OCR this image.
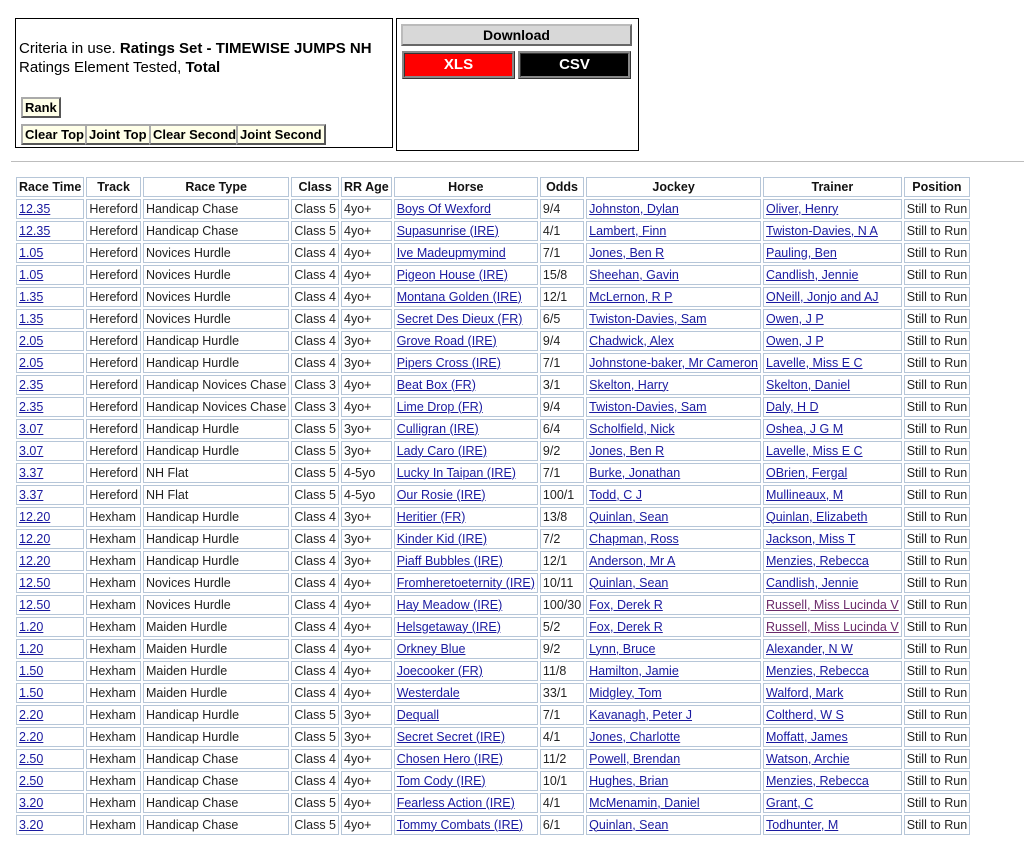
Criteria in use. Ratings Set - TIMEWISE JUMPS NH
Ratings Element Tested, Total
Rank
Clear Top Joint Top Clear Second Joint Second
Download
XLS	CSV
Race Time	Track	Race Type	Class	RR Age	Horse	Odds	Jockey	Trainer	Position
12.35	Hereford	Handicap Chase	Class 5	4yo+	Boys Of Wexford	9/4	Johnston, Dylan	Oliver, Henry	Still to Run
12.35	Hereford	Handicap Chase	Class 5	4yo+	Supasunrise (IRE)	4/1	Lambert, Finn	Twiston-Davies, N A	Still to Run
1.05	Hereford	Novices Hurdle	Class 4	4yo+	Ive Madeupmymind	7/1	Jones, Ben R	Pauling, Ben	Still to Run
1.05	Hereford	Novices Hurdle	Class 4	4yo+	Pigeon House (IRE)	15/8	Sheehan, Gavin	Candlish, Jennie	Still to Run
1.35	Hereford	Novices Hurdle	Class 4	4yo+	Montana Golden (IRE)	12/1	McLernon, R P	ONeill, Jonjo and AJ	Still to Run
1.35	Hereford	Novices Hurdle	Class 4	4yo+	Secret Des Dieux (FR)	6/5	Twiston-Davies, Sam	Owen, J P	Still to Run
2.05	Hereford	Handicap Hurdle	Class 4	3yo+	Grove Road (IRE)	9/4	Chadwick, Alex	Owen, J P	Still to Run
2.05	Hereford	Handicap Hurdle	Class 4	3yo+	Pipers Cross (IRE)	7/1	Johnstone-baker, Mr Cameron	Lavelle, Miss E C	Still to Run
2.35	Hereford	Handicap Novices Chase	Class 3	4yo+	Beat Box (FR)	3/1	Skelton, Harry	Skelton, Daniel	Still to Run
2.35	Hereford	Handicap Novices Chase	Class 3	4yo+	Lime Drop (FR)	9/4	Twiston-Davies, Sam	Daly, H D	Still to Run
3.07	Hereford	Handicap Hurdle	Class 5	3yo+	Culligran (IRE)	6/4	Scholfield, Nick	Oshea, J G M	Still to Run
3.07	Hereford	Handicap Hurdle	Class 5	3yo+	Lady Caro (IRE)	9/2	Jones, Ben R	Lavelle, Miss E C	Still to Run
3.37	Hereford	NH Flat	Class 5	4-5yo	Lucky In Taipan (IRE)	7/1	Burke, Jonathan	OBrien, Fergal	Still to Run
3.37	Hereford	NH Flat	Class 5	4-5yo	Our Rosie (IRE)	100/1	Todd, C J	Mullineaux, M	Still to Run
12.20	Hexham	Handicap Hurdle	Class 4	3yo+	Heritier (FR)	13/8	Quinlan, Sean	Quinlan, Elizabeth	Still to Run
12.20	Hexham	Handicap Hurdle	Class 4	3yo+	Kinder Kid (IRE)	7/2	Chapman, Ross	Jackson, Miss T	Still to Run
12.20	Hexham	Handicap Hurdle	Class 4	3yo+	Piaff Bubbles (IRE)	12/1	Anderson, Mr A	Menzies, Rebecca	Still to Run
12.50	Hexham	Novices Hurdle	Class 4	4yo+	Fromheretoeternity (IRE)	10/11	Quinlan, Sean	Candlish, Jennie	Still to Run
12.50	Hexham	Novices Hurdle	Class 4	4yo+	Hay Meadow (IRE)	100/30	Fox, Derek R	Russell, Miss Lucinda V	Still to Run
1.20	Hexham	Maiden Hurdle	Class 4	4yo+	Helsgetaway (IRE)	5/2	Fox, Derek R	Russell, Miss Lucinda V	Still to Run
1.20	Hexham	Maiden Hurdle	Class 4	4yo+	Orkney Blue	9/2	Lynn, Bruce	Alexander, N W	Still to Run
1.50	Hexham	Maiden Hurdle	Class 4	4yo+	Joecooker (FR)	11/8	Hamilton, Jamie	Menzies, Rebecca	Still to Run
1.50	Hexham	Maiden Hurdle	Class 4	4yo+	Westerdale	33/1	Midgley, Tom	Walford, Mark	Still to Run
2.20	Hexham	Handicap Hurdle	Class 5	3yo+	Dequall	7/1	Kavanagh, Peter J	Coltherd, W S	Still to Run
2.20	Hexham	Handicap Hurdle	Class 5	3yo+	Secret Secret (IRE)	4/1	Jones, Charlotte	Moffatt, James	Still to Run
2.50	Hexham	Handicap Chase	Class 4	4yo+	Chosen Hero (IRE)	11/2	Powell, Brendan	Watson, Archie	Still to Run
2.50	Hexham	Handicap Chase	Class 4	4yo+	Tom Cody (IRE)	10/1	Hughes, Brian	Menzies, Rebecca	Still to Run
3.20	Hexham	Handicap Chase	Class 5	4yo+	Fearless Action (IRE)	4/1	McMenamin, Daniel	Grant, C	Still to Run
3.20	Hexham	Handicap Chase	Class 5	4yo+	Tommy Combats (IRE)	6/1	Quinlan, Sean	Todhunter, M	Still to Run
